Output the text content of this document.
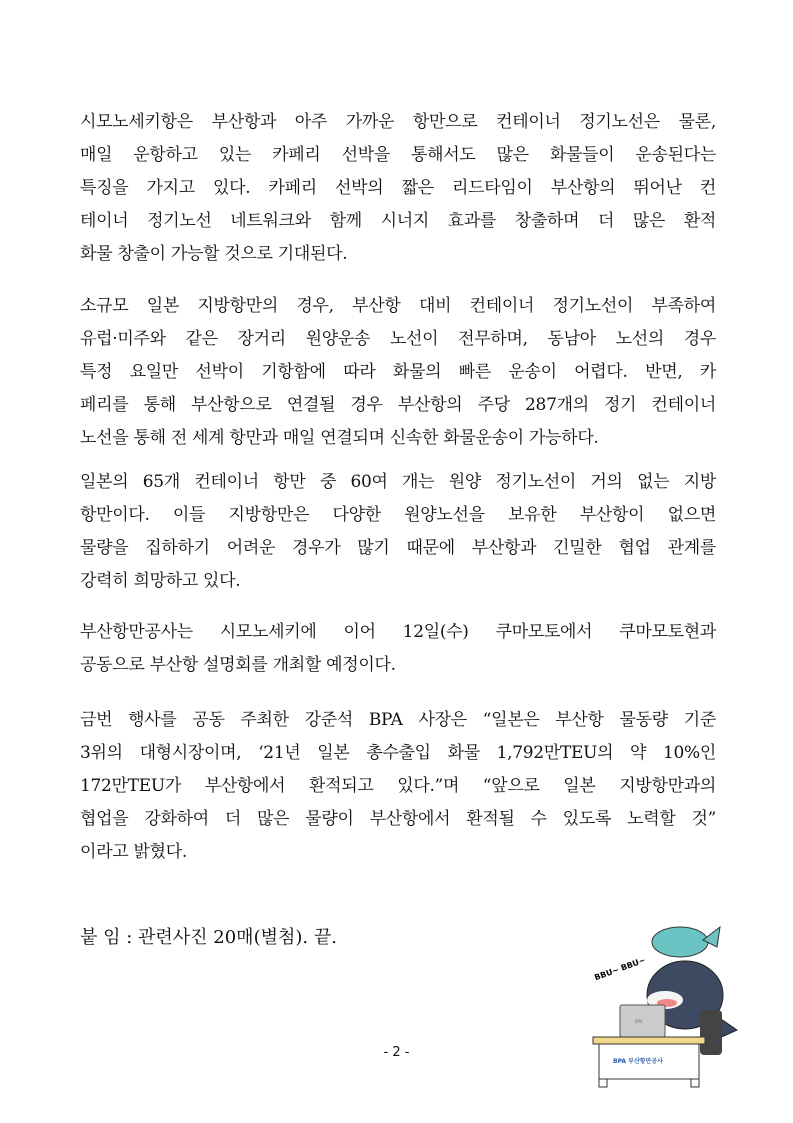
시모노세키항은 부산항과 아주 가까운 항만으로 컨테이너 정기노선은 물론,
매일 운항하고 있는 카페리 선박을 통해서도 많은 화물들이 운송된다는
특징을 가지고 있다. 카페리 선박의 짧은 리드타임이 부산항의 뛰어난 컨
테이너 정기노선 네트워크와 함께 시너지 효과를 창출하며 더 많은 환적
화물 창출이 가능할 것으로 기대된다.
소규모 일본 지방항만의 경우, 부산항 대비 컨테이너 정기노선이 부족하여
유럽·미주와 같은 장거리 원양운송 노선이 전무하며, 동남아 노선의 경우
특정 요일만 선박이 기항함에 따라 화물의 빠른 운송이 어렵다. 반면, 카
페리를 통해 부산항으로 연결될 경우 부산항의 주당 287개의 정기 컨테이너
노선을 통해 전 세계 항만과 매일 연결되며 신속한 화물운송이 가능하다.
일본의 65개 컨테이너 항만 중 60여 개는 원양 정기노선이 거의 없는 지방
항만이다. 이들 지방항만은 다양한 원양노선을 보유한 부산항이 없으면
물량을 집하하기 어려운 경우가 많기 때문에 부산항과 긴밀한 협업 관계를
강력히 희망하고 있다.
부산항만공사는 시모노세키에 이어 12일(수) 쿠마모토에서 쿠마모토현과
공동으로 부산항 설명회를 개최할 예정이다.
금번 행사를 공동 주최한 강준석 BPA 사장은 “일본은 부산항 물동량 기준
3위의 대형시장이며, ‘21년 일본 총수출입 화물 1,792만TEU의 약 10%인
172만TEU가 부산항에서 환적되고 있다.”며 “앞으로 일본 지방항만과의
협업을 강화하여 더 많은 물량이 부산항에서 환적될 수 있도록 노력할 것”
이라고 밝혔다.
붙 임 : 관련사진 20매(별첨). 끝.
BBU~ BBU~
BPA
BPA 부산항만공사
- 2 -
